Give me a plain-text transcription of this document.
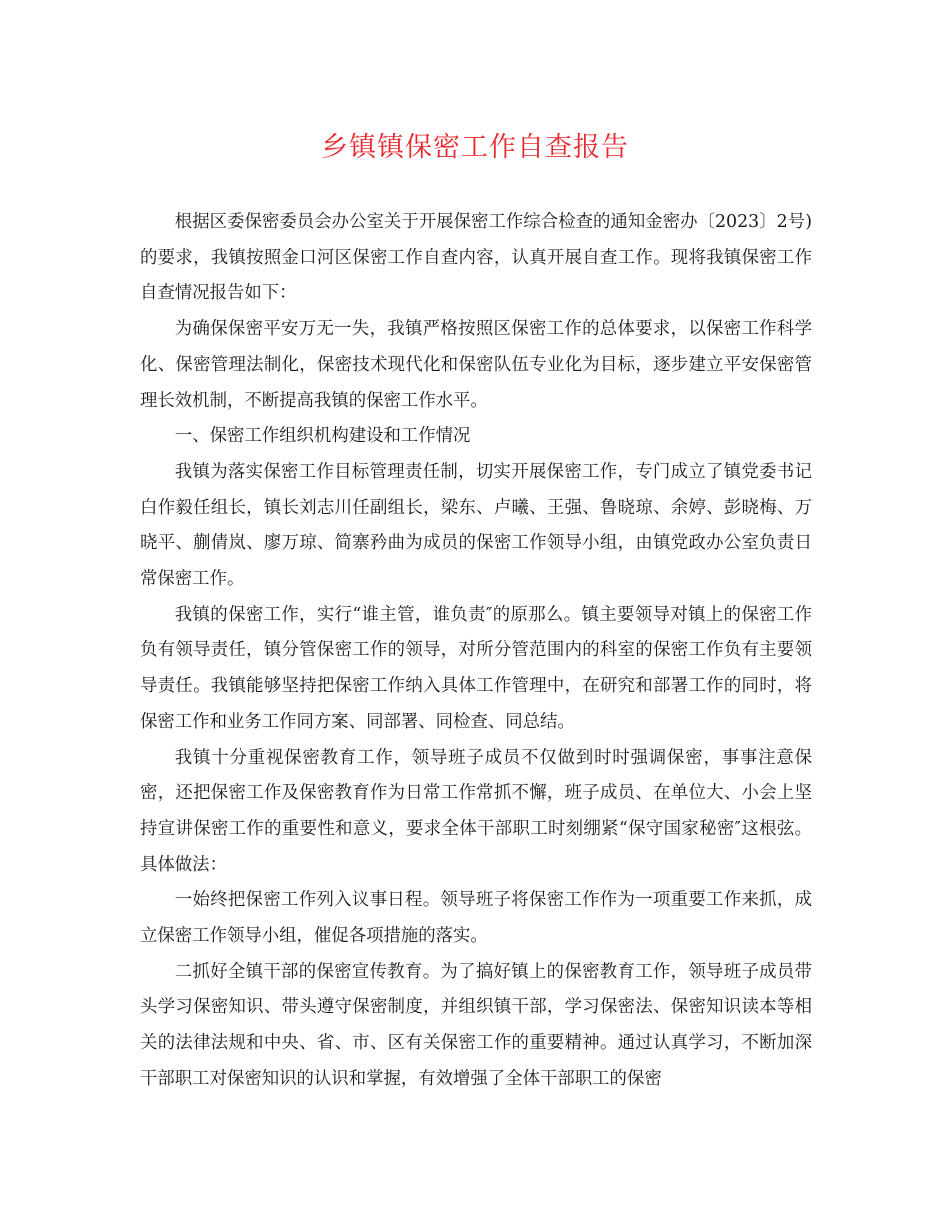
乡镇镇保密工作自查报告

根据区委保密委员会办公室关于开展保密工作综合检查的通知金密办〔2023〕2号)的要求，我镇按照金口河区保密工作自查内容，认真开展自查工作。现将我镇保密工作自查情况报告如下：

为确保保密平安万无一失，我镇严格按照区保密工作的总体要求，以保密工作科学化、保密管理法制化，保密技术现代化和保密队伍专业化为目标，逐步建立平安保密管理长效机制，不断提高我镇的保密工作水平。

一、保密工作组织机构建设和工作情况

我镇为落实保密工作目标管理责任制，切实开展保密工作，专门成立了镇党委书记白作毅任组长，镇长刘志川任副组长，梁东、卢曦、王强、鲁晓琼、余婷、彭晓梅、万晓平、蒯倩岚、廖万琼、简寨矜曲为成员的保密工作领导小组，由镇党政办公室负责日常保密工作。

我镇的保密工作，实行“谁主管，谁负责″的原那么。镇主要领导对镇上的保密工作负有领导责任，镇分管保密工作的领导，对所分管范围内的科室的保密工作负有主要领导责任。我镇能够坚持把保密工作纳入具体工作管理中，在研究和部署工作的同时，将保密工作和业务工作同方案、同部署、同检查、同总结。

我镇十分重视保密教育工作，领导班子成员不仅做到时时强调保密，事事注意保密，还把保密工作及保密教育作为日常工作常抓不懈，班子成员、在单位大、小会上坚持宣讲保密工作的重要性和意义，要求全体干部职工时刻绷紧“保守国家秘密″这根弦。具体做法：

一始终把保密工作列入议事日程。领导班子将保密工作作为一项重要工作来抓，成立保密工作领导小组，催促各项措施的落实。

二抓好全镇干部的保密宣传教育。为了搞好镇上的保密教育工作，领导班子成员带头学习保密知识、带头遵守保密制度，并组织镇干部，学习保密法、保密知识读本等相关的法律法规和中央、省、市、区有关保密工作的重要精神。通过认真学习，不断加深干部职工对保密知识的认识和掌握，有效增强了全体干部职工的保密
